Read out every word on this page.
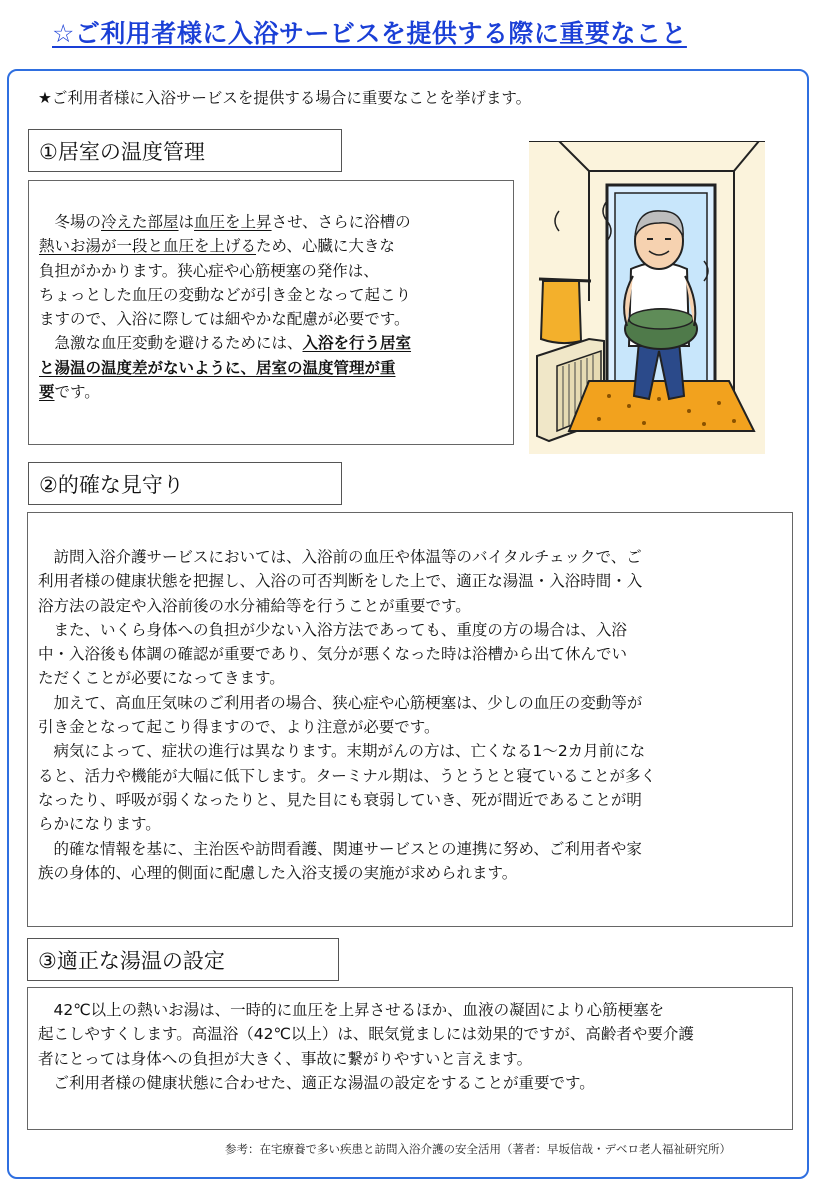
☆ご利用者様に入浴サービスを提供する際に重要なこと
★ご利用者様に入浴サービスを提供する場合に重要なことを挙げます。
①居室の温度管理

　冬場の冷えた部屋は血圧を上昇させ、さらに浴槽の

熱いお湯が一段と血圧を上げるため、心臓に大きな

負担がかかります。狭心症や心筋梗塞の発作は、

ちょっとした血圧の変動などが引き金となって起こり

ますので、入浴に際しては細やかな配慮が必要です。

　急激な血圧変動を避けるためには、入浴を行う居室

と湯温の温度差がないように、居室の温度管理が重

要です。

②的確な見守り

　訪問入浴介護サービスにおいては、入浴前の血圧や体温等のバイタルチェックで、ご

利用者様の健康状態を把握し、入浴の可否判断をした上で、適正な湯温・入浴時間・入

浴方法の設定や入浴前後の水分補給等を行うことが重要です。

　また、いくら身体への負担が少ない入浴方法であっても、重度の方の場合は、入浴

中・入浴後も体調の確認が重要であり、気分が悪くなった時は浴槽から出て休んでい

ただくことが必要になってきます。

　加えて、高血圧気味のご利用者の場合、狭心症や心筋梗塞は、少しの血圧の変動等が

引き金となって起こり得ますので、より注意が必要です。

　病気によって、症状の進行は異なります。末期がんの方は、亡くなる1～2カ月前にな

ると、活力や機能が大幅に低下します。ターミナル期は、うとうとと寝ていることが多く

なったり、呼吸が弱くなったりと、見た目にも衰弱していき、死が間近であることが明

らかになります。

　的確な情報を基に、主治医や訪問看護、関連サービスとの連携に努め、ご利用者や家

族の身体的、心理的側面に配慮した入浴支援の実施が求められます。

③適正な湯温の設定

　42℃以上の熱いお湯は、一時的に血圧を上昇させるほか、血液の凝固により心筋梗塞を

起こしやすくします。高温浴（42℃以上）は、眠気覚ましには効果的ですが、高齢者や要介護

者にとっては身体への負担が大きく、事故に繋がりやすいと言えます。

　ご利用者様の健康状態に合わせた、適正な湯温の設定をすることが重要です。

参考：在宅療養で多い疾患と訪問入浴介護の安全活用（著者：早坂信哉・デベロ老人福祉研究所）
